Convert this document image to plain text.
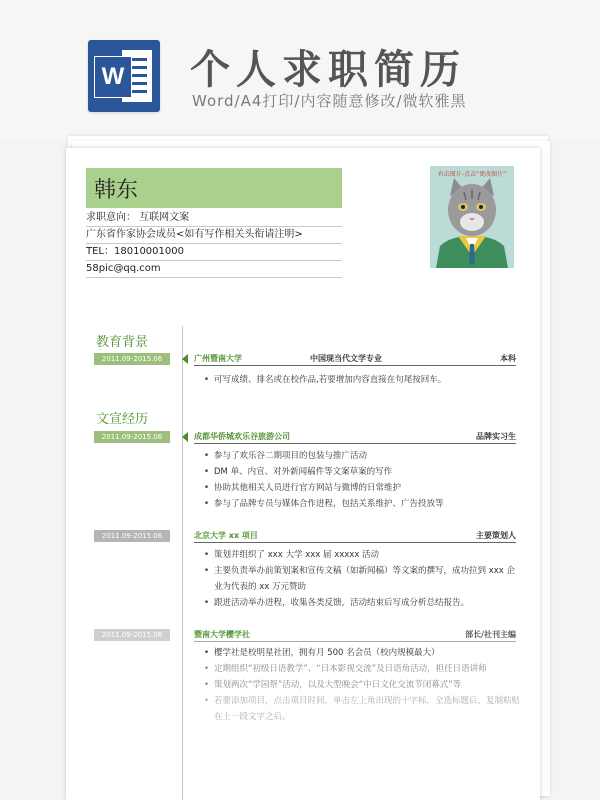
W 个人求职简历
Word/A4打印/内容随意修改/微软雅黑
韩东
求职意向： 互联网文案
广东省作家协会成员<如有写作相关头衔请注明>
TEL：18010001000
58pic@qq.com
右击图片-点击“更改图片”
教育背景
2011.09-2015.06	广州暨南大学	中国现当代文学专业	本科
• 可写成绩、排名或在校作品,若要增加内容直接在句尾按回车。
文宣经历
2011.09-2015.06	成都华侨城欢乐谷旅游公司	品牌实习生
• 参与了欢乐谷二期项目的包装与推广活动
• DM 单、内宣、对外新闻稿件等文案草案的写作
• 协助其他相关人员进行官方网站与微博的日常维护
• 参与了品牌专员与媒体合作进程，包括关系维护、广告投放等
2011.09-2015.06	北京大学 xx 项目	主要策划人
• 策划并组织了 xxx 大学 xxx 届 xxxxx 活动
• 主要负责举办前策划案和宣传文稿（如新闻稿）等文案的撰写，成功拉到 xxx 企业为代表的 xx 万元赞助
• 跟进活动举办进程，收集各类反馈，活动结束后写成分析总结报告。
2011.09-2015.06	暨南大学樱学社	部长/社刊主编
• 樱学社是校明星社团，拥有月 500 名会员（校内规模最大）
• 定期组织“初级日语教学”、“日本影视交流”及日语角活动，担任日语讲师
• 策划两次“学园祭”活动，以及大型晚会“中日文化交流节闭幕式”等
• 若要添加项目，点击项目时间，单击左上角出现的十字标，全选标题后，复制粘贴在上一段文字之后。
